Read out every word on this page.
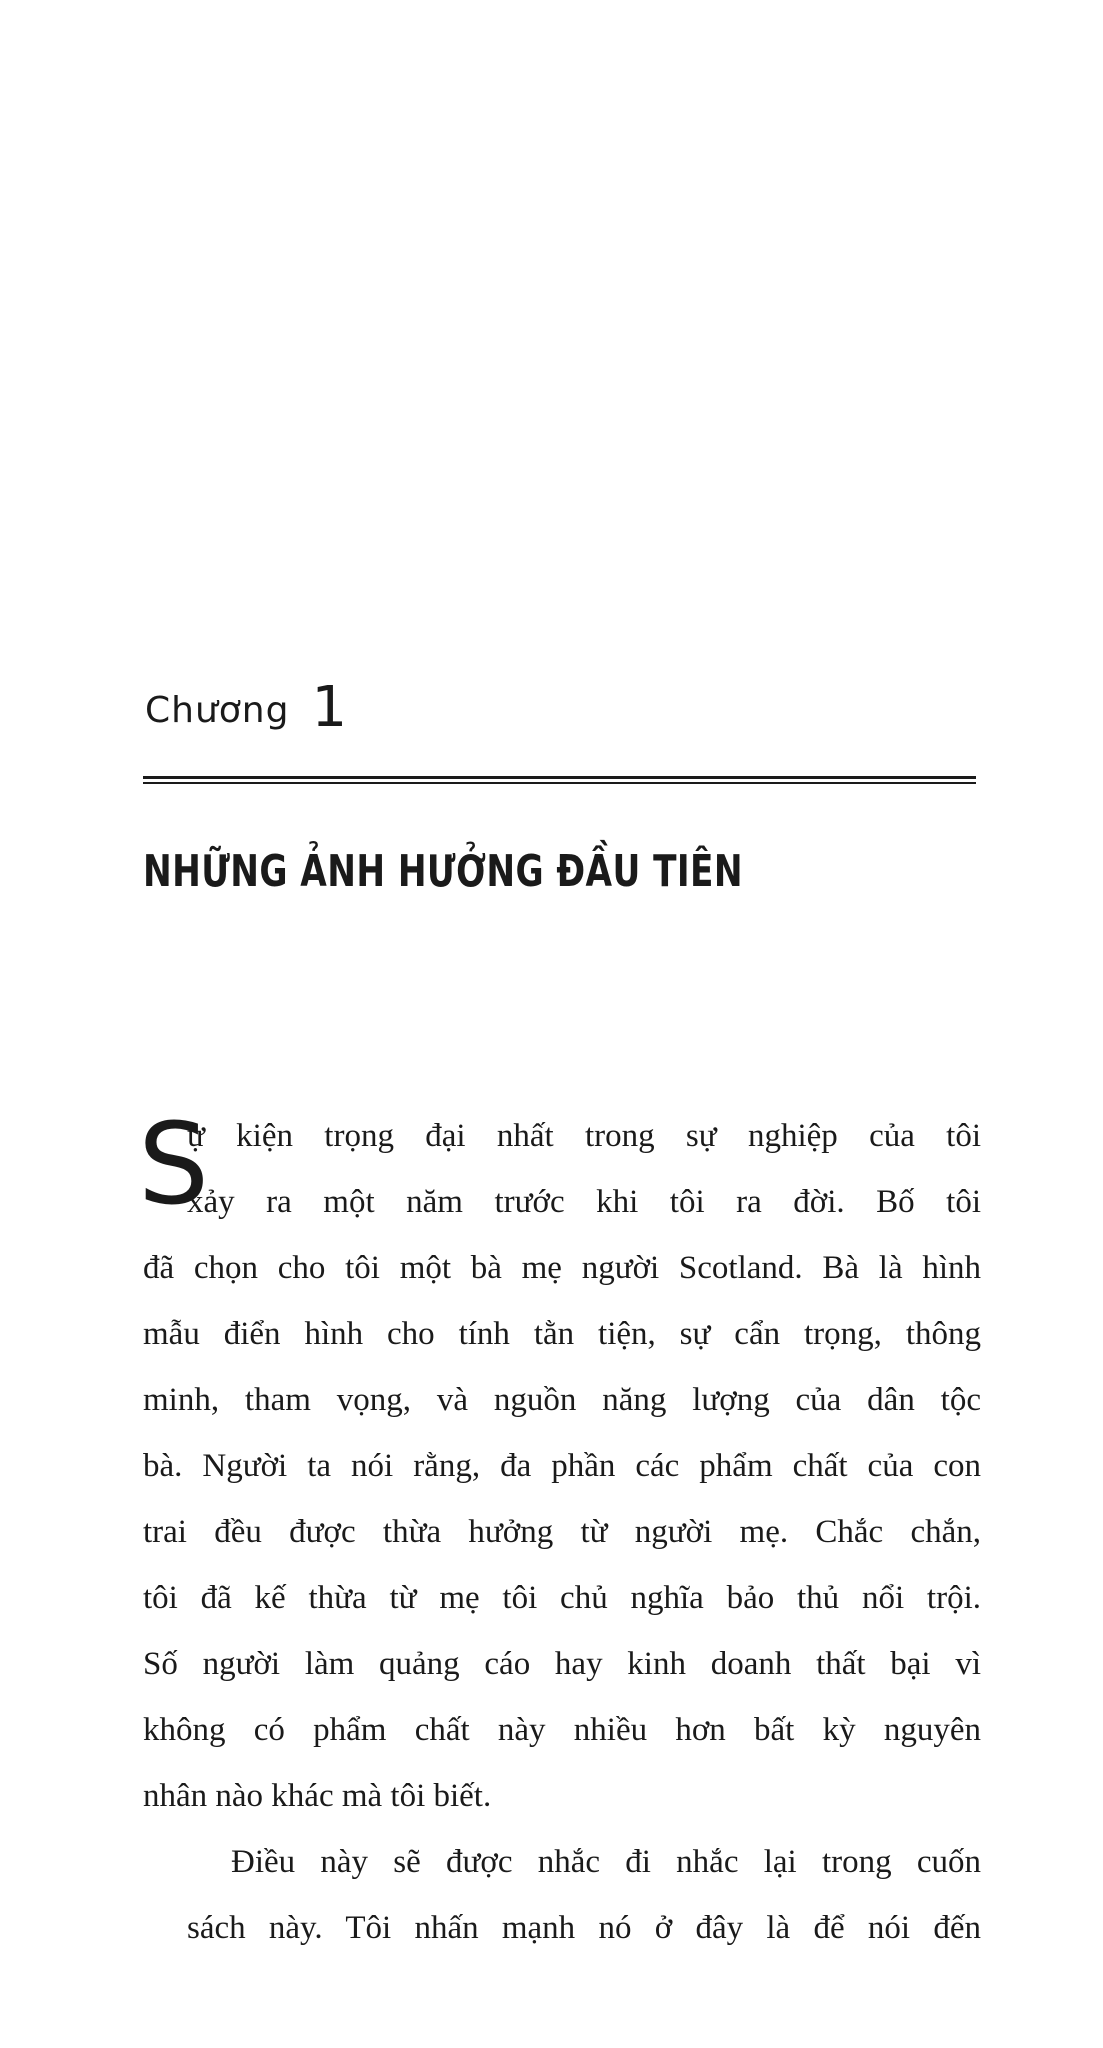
Chương 1
NHỮNG ẢNH HƯỞNG ĐẦU TIÊN
S
ự kiện trọng đại nhất trong sự nghiệp của tôi
xảy ra một năm trước khi tôi ra đời. Bố tôi
đã chọn cho tôi một bà mẹ người Scotland. Bà là hình
mẫu điển hình cho tính tằn tiện, sự cẩn trọng, thông
minh, tham vọng, và nguồn năng lượng của dân tộc
bà. Người ta nói rằng, đa phần các phẩm chất của con
trai đều được thừa hưởng từ người mẹ. Chắc chắn,
tôi đã kế thừa từ mẹ tôi chủ nghĩa bảo thủ nổi trội.
Số người làm quảng cáo hay kinh doanh thất bại vì
không có phẩm chất này nhiều hơn bất kỳ nguyên
nhân nào khác mà tôi biết.
Điều này sẽ được nhắc đi nhắc lại trong cuốn
sách này. Tôi nhấn mạnh nó ở đây là để nói đến
